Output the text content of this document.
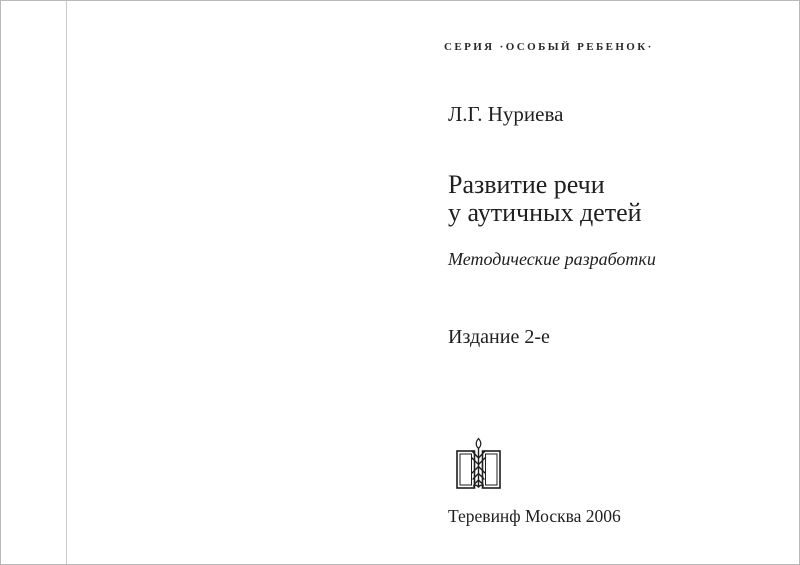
СЕРИЯ ·ОСОБЫЙ РЕБЕНОК·
Л.Г. Нуриева
Развитие речи
у аутичных детей
Методические разработки
Издание 2-е
Теревинф Москва 2006
